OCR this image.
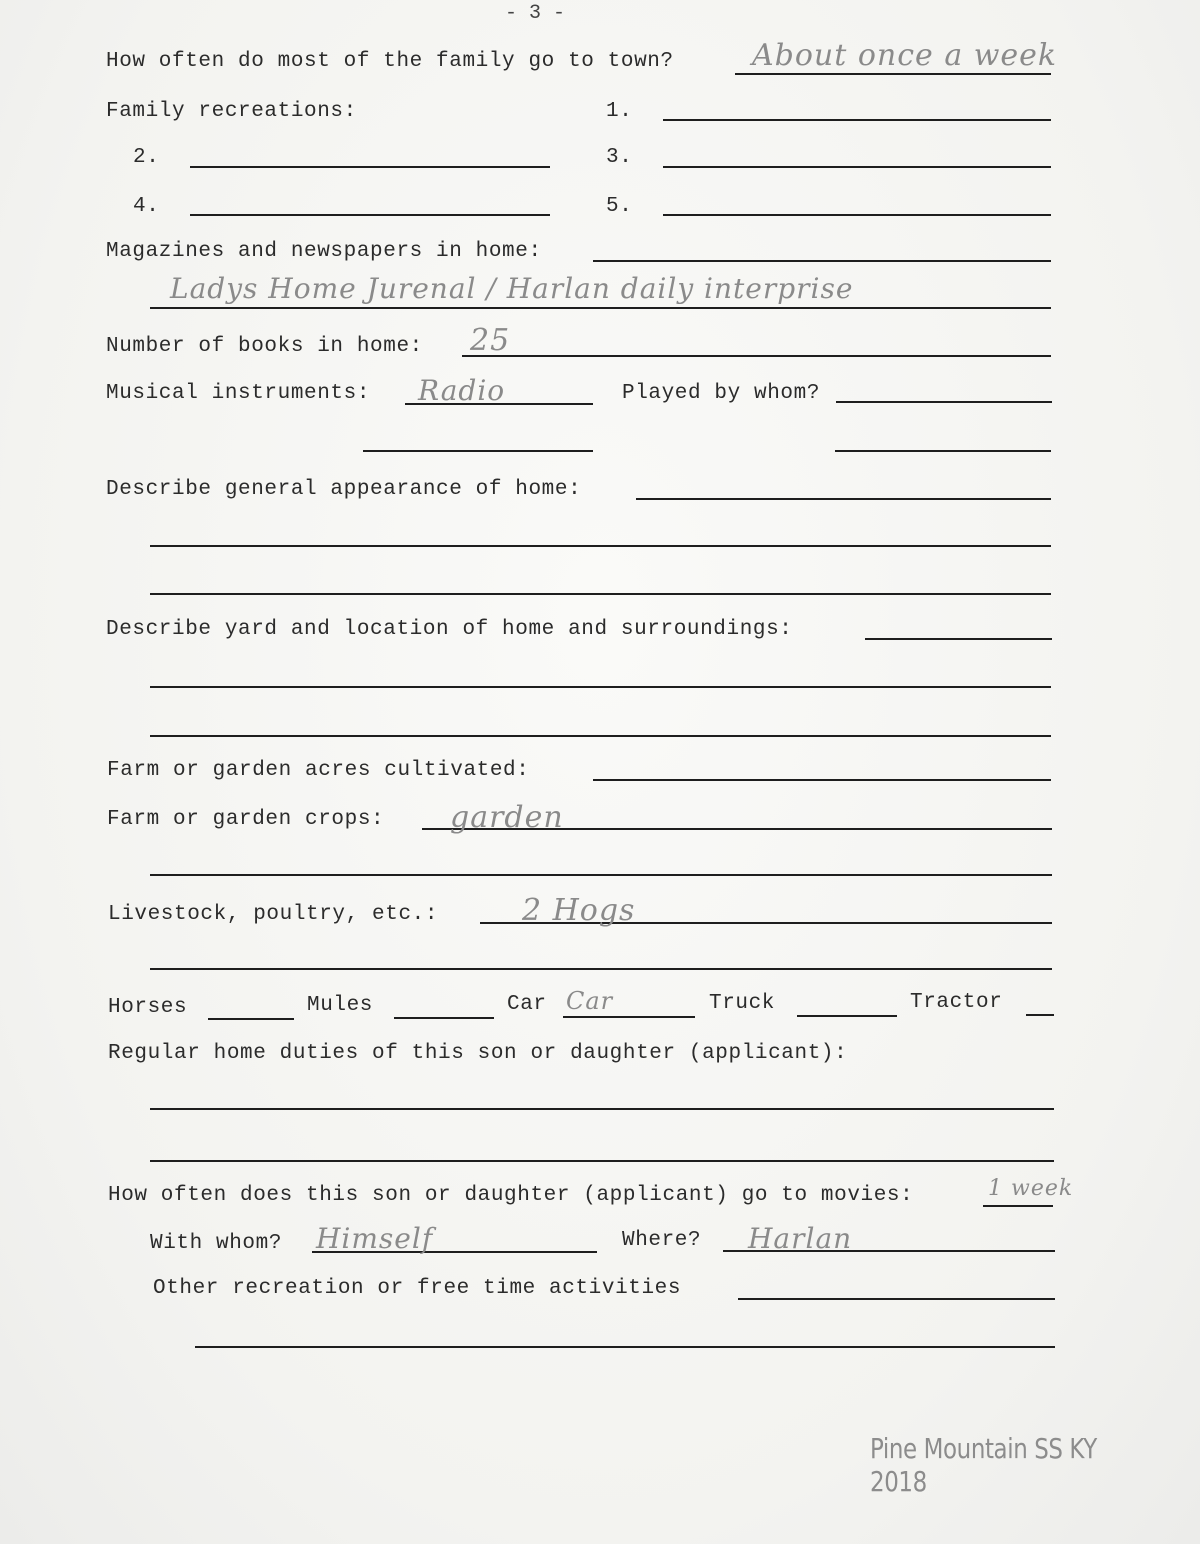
- 3 -
How often do most of the family go to town?	About once a week
Family recreations:	1.
2.	3.
4.	5.
Magazines and newspapers in home:
Ladys Home Jurenal / Harlan daily interprise
Number of books in home: 25
Musical instruments: Radio	Played by whom?
Describe general appearance of home:
Describe yard and location of home and surroundings:
Farm or garden acres cultivated:
Farm or garden crops: garden
Livestock, poultry, etc.:	2 Hogs
Horses	Mules	Car Car	Truck	Tractor
Regular home duties of this son or daughter (applicant):
How often does this son or daughter (applicant) go to movies:	1 week
With whom? Himself	Where? Harlan
Other recreation or free time activities
Pine Mountain SS KY 2018
